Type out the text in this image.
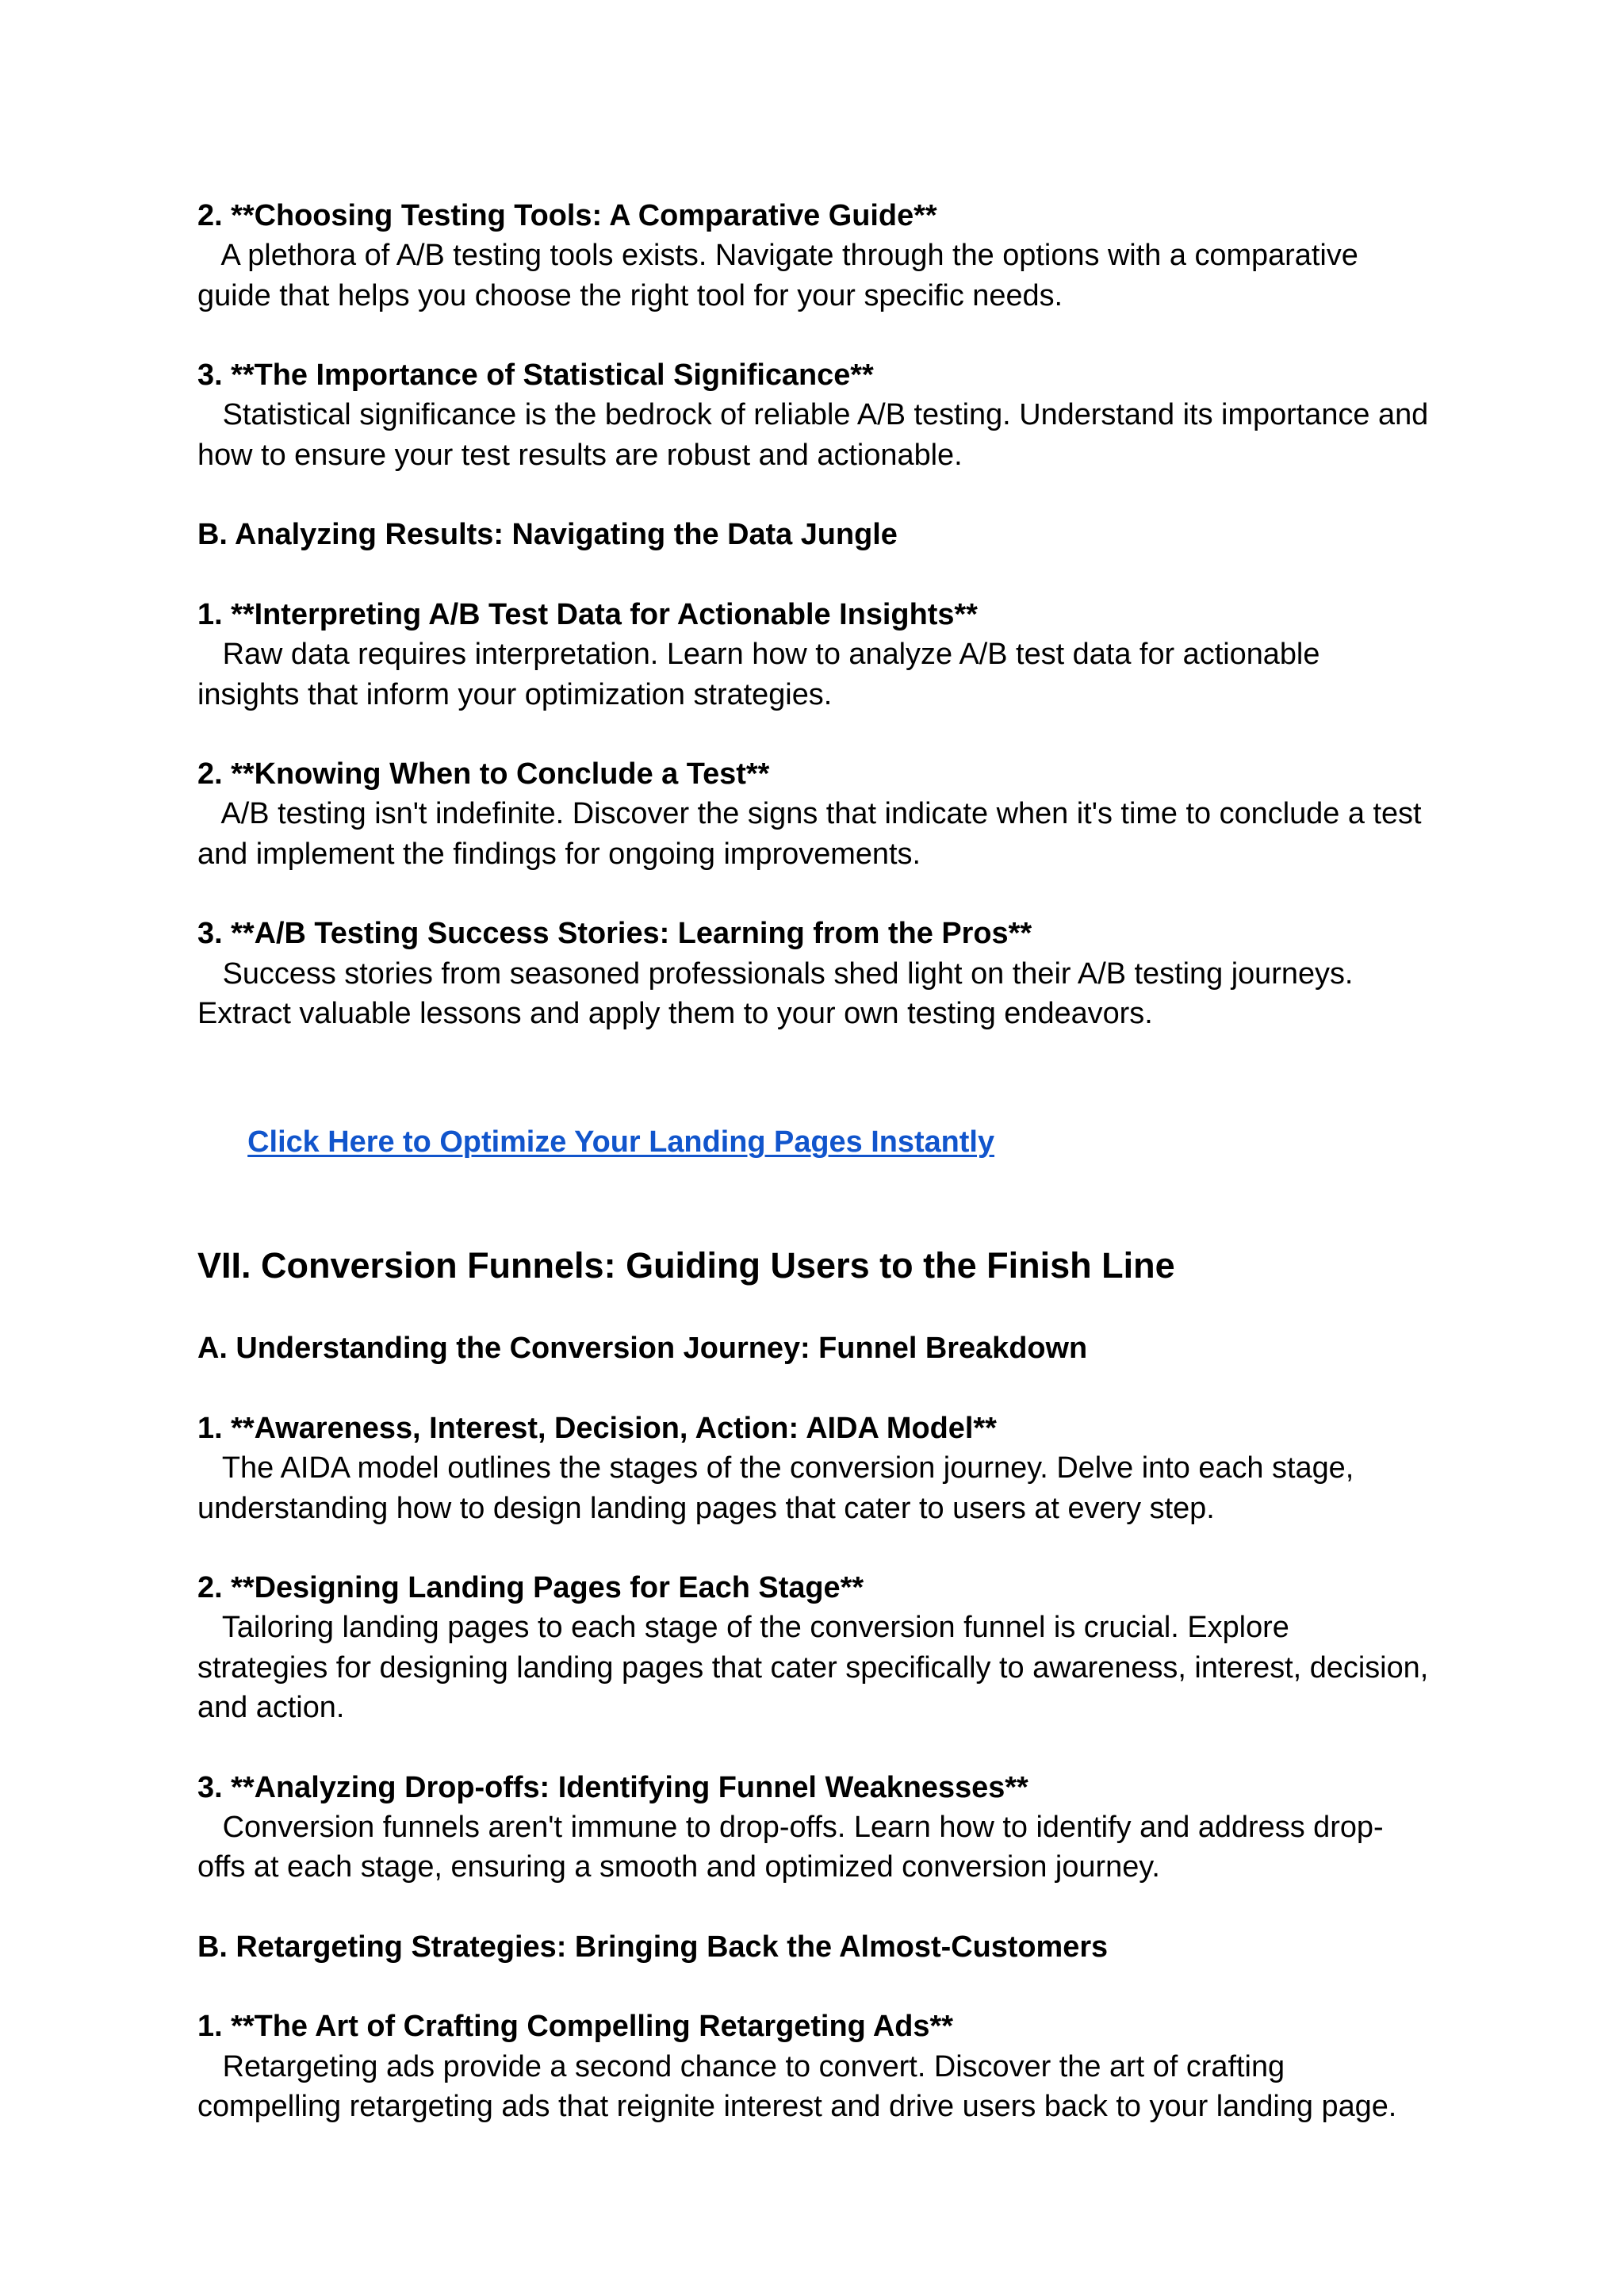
2. **Choosing Testing Tools: A Comparative Guide**

A plethora of A/B testing tools exists. Navigate through the options with a comparative
guide that helps you choose the right tool for your specific needs.

3. **The Importance of Statistical Significance**

Statistical significance is the bedrock of reliable A/B testing. Understand its importance and
how to ensure your test results are robust and actionable.

B. Analyzing Results: Navigating the Data Jungle

1. **Interpreting A/B Test Data for Actionable Insights**

Raw data requires interpretation. Learn how to analyze A/B test data for actionable
insights that inform your optimization strategies.

2. **Knowing When to Conclude a Test**

A/B testing isn't indefinite. Discover the signs that indicate when it's time to conclude a test
and implement the findings for ongoing improvements.

3. **A/B Testing Success Stories: Learning from the Pros**

Success stories from seasoned professionals shed light on their A/B testing journeys.
Extract valuable lessons and apply them to your own testing endeavors.

Click Here to Optimize Your Landing Pages Instantly

VII. Conversion Funnels: Guiding Users to the Finish Line

A. Understanding the Conversion Journey: Funnel Breakdown

1. **Awareness, Interest, Decision, Action: AIDA Model**

The AIDA model outlines the stages of the conversion journey. Delve into each stage,
understanding how to design landing pages that cater to users at every step.

2. **Designing Landing Pages for Each Stage**

Tailoring landing pages to each stage of the conversion funnel is crucial. Explore
strategies for designing landing pages that cater specifically to awareness, interest, decision,
and action.

3. **Analyzing Drop-offs: Identifying Funnel Weaknesses**

Conversion funnels aren't immune to drop-offs. Learn how to identify and address drop-
offs at each stage, ensuring a smooth and optimized conversion journey.

B. Retargeting Strategies: Bringing Back the Almost-Customers

1. **The Art of Crafting Compelling Retargeting Ads**

Retargeting ads provide a second chance to convert. Discover the art of crafting
compelling retargeting ads that reignite interest and drive users back to your landing page.
